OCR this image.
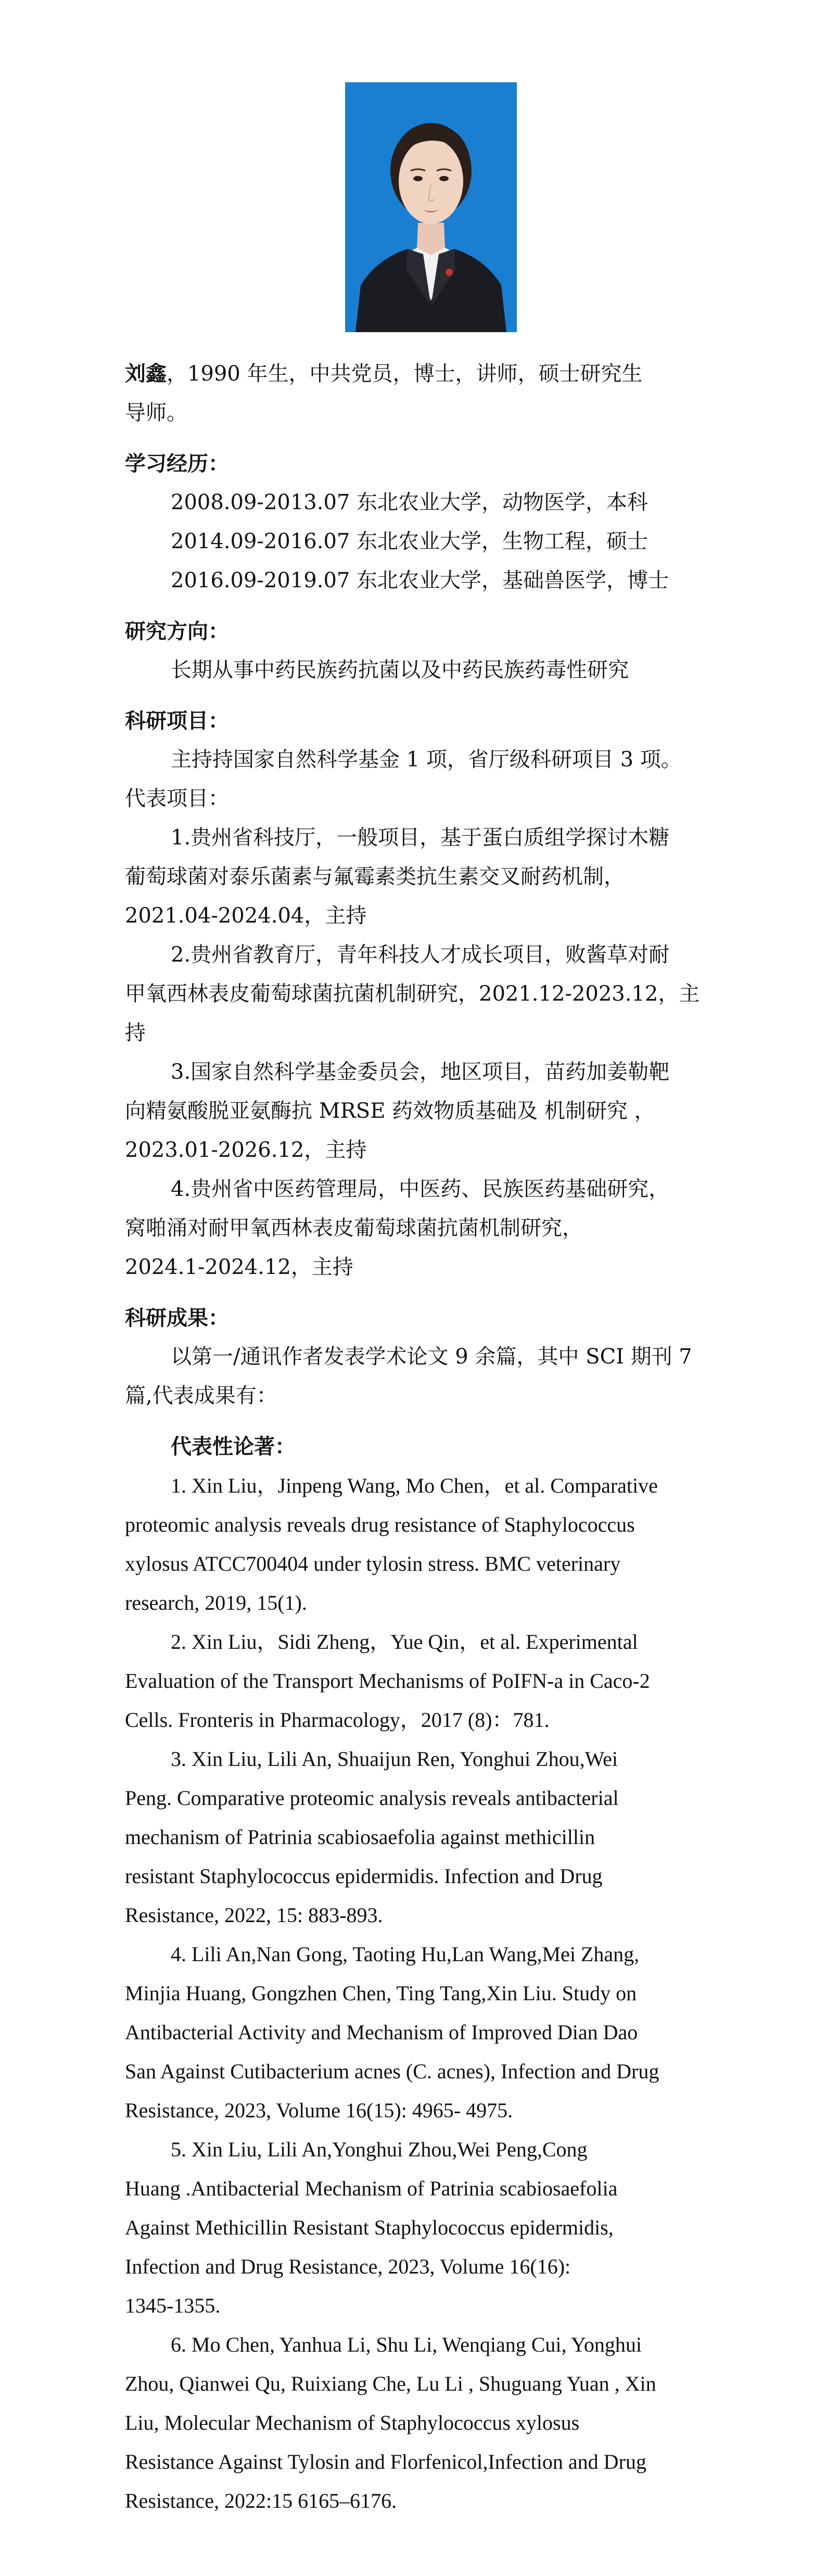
刘鑫，1990 年生，中共党员，博士，讲师，硕士研究生

导师。

学习经历：

2008.09-2013.07 东北农业大学，动物医学，本科

2014.09-2016.07 东北农业大学，生物工程，硕士

2016.09-2019.07 东北农业大学，基础兽医学，博士

研究方向：

长期从事中药民族药抗菌以及中药民族药毒性研究

科研项目：

主持持国家自然科学基金 1 项，省厅级科研项目 3 项。

代表项目：

1.贵州省科技厅，一般项目，基于蛋白质组学探讨木糖

葡萄球菌对泰乐菌素与氟霉素类抗生素交叉耐药机制，

2021.04-2024.04，主持

2.贵州省教育厅，青年科技人才成长项目，败酱草对耐

甲氧西林表皮葡萄球菌抗菌机制研究，2021.12-2023.12，主

持

3.国家自然科学基金委员会，地区项目，苗药加姜勒靶

向精氨酸脱亚氨酶抗 MRSE 药效物质基础及 机制研究 ，

2023.01-2026.12，主持

4.贵州省中医药管理局，中医药、民族医药基础研究，

窝啪涌对耐甲氧西林表皮葡萄球菌抗菌机制研究，

2024.1-2024.12，主持

科研成果：

以第一/通讯作者发表学术论文 9 余篇，其中 SCI 期刊 7

篇,代表成果有：

代表性论著：

1. Xin Liu，Jinpeng Wang, Mo Chen，et al. Comparative

proteomic analysis reveals drug resistance of Staphylococcus

xylosus ATCC700404 under tylosin stress. BMC veterinary

research, 2019, 15(1).

2. Xin Liu，Sidi Zheng，Yue Qin，et al. Experimental

Evaluation of the Transport Mechanisms of PoIFN-a in Caco-2

Cells. Fronteris in Pharmacology，2017 (8)：781.

3. Xin Liu, Lili An, Shuaijun Ren, Yonghui Zhou,Wei

Peng. Comparative proteomic analysis reveals antibacterial

mechanism of Patrinia scabiosaefolia against methicillin

resistant Staphylococcus epidermidis. Infection and Drug

Resistance, 2022, 15: 883-893.

4. Lili An,Nan Gong, Taoting Hu,Lan Wang,Mei Zhang,

Minjia Huang, Gongzhen Chen, Ting Tang,Xin Liu. Study on

Antibacterial Activity and Mechanism of Improved Dian Dao

San Against Cutibacterium acnes (C. acnes), Infection and Drug

Resistance, 2023, Volume 16(15): 4965- 4975.

5. Xin Liu, Lili An,Yonghui Zhou,Wei Peng,Cong

Huang .Antibacterial Mechanism of Patrinia scabiosaefolia

Against Methicillin Resistant Staphylococcus epidermidis,

Infection and Drug Resistance, 2023, Volume 16(16):

1345-1355.

6. Mo Chen, Yanhua Li, Shu Li, Wenqiang Cui, Yonghui

Zhou, Qianwei Qu, Ruixiang Che, Lu Li , Shuguang Yuan , Xin

Liu, Molecular Mechanism of Staphylococcus xylosus

Resistance Against Tylosin and Florfenicol,Infection and Drug

Resistance, 2022:15 6165–6176.
